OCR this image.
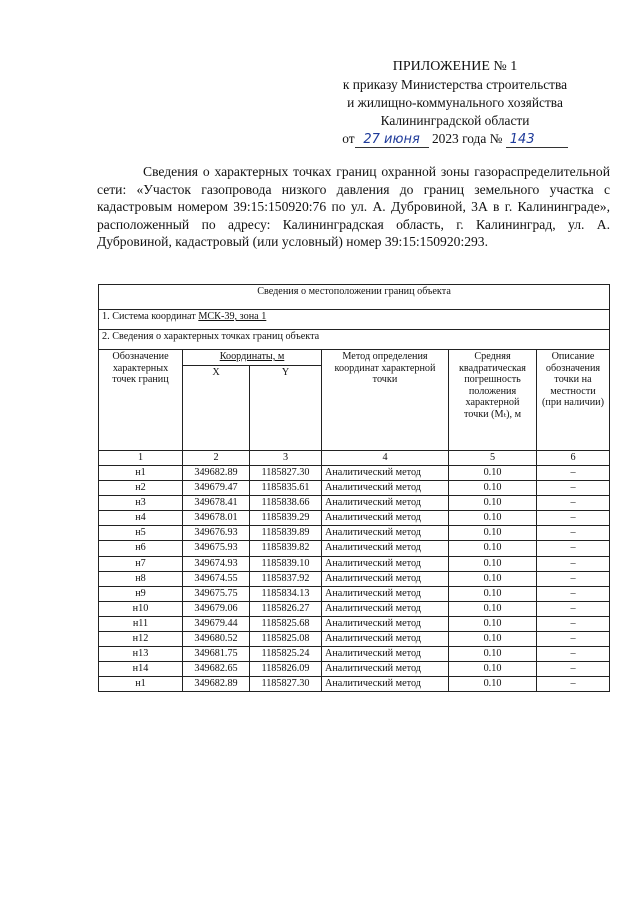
ПРИЛОЖЕНИЕ № 1
к приказу Министерства строительства
и жилищно-коммунального хозяйства
Калининградской области
от 27 июня 2023 года № 143
Сведения о характерных точках границ охранной зоны газораспределительной сети: «Участок газопровода низкого давления до границ земельного участка с кадастровым номером 39:15:150920:76 по ул. А. Дубровиной, 3А в г. Калининграде», расположенный по адресу: Калининградская область, г. Калининград, ул. А. Дубровиной, кадастровый (или условный) номер 39:15:150920:293.
Сведения о местоположении границ объекта					
1. Система координат МСК-39, зона 1					
2. Сведения о характерных точках границ объекта					
Обозначение характерных точек границ	Координаты, м		Метод определения координат характерной точки	Средняя квадратическая погрешность положения характерной точки (Mₜ), м	Описание обозначения точки на местности (при наличии)
	X	Y			
1	2	3	4	5	6
н1	349682.89	1185827.30	Аналитический метод	0.10	–
н2	349679.47	1185835.61	Аналитический метод	0.10	–
н3	349678.41	1185838.66	Аналитический метод	0.10	–
н4	349678.01	1185839.29	Аналитический метод	0.10	–
н5	349676.93	1185839.89	Аналитический метод	0.10	–
н6	349675.93	1185839.82	Аналитический метод	0.10	–
н7	349674.93	1185839.10	Аналитический метод	0.10	–
н8	349674.55	1185837.92	Аналитический метод	0.10	–
н9	349675.75	1185834.13	Аналитический метод	0.10	–
н10	349679.06	1185826.27	Аналитический метод	0.10	–
н11	349679.44	1185825.68	Аналитический метод	0.10	–
н12	349680.52	1185825.08	Аналитический метод	0.10	–
н13	349681.75	1185825.24	Аналитический метод	0.10	–
н14	349682.65	1185826.09	Аналитический метод	0.10	–
н1	349682.89	1185827.30	Аналитический метод	0.10	–
